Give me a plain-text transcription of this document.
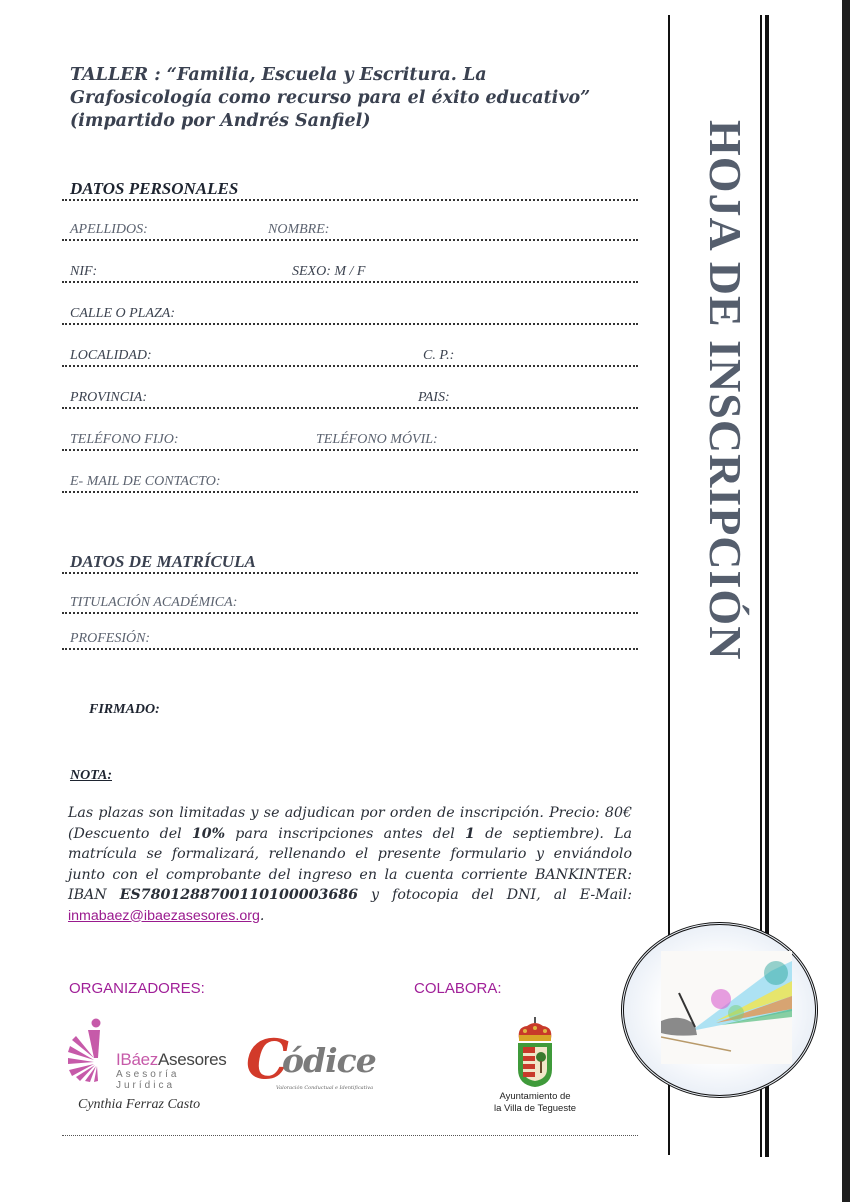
HOJA DE INSCRIPCIÓN
TALLER : “Familia, Escuela y Escritura. La
Grafosicología como recurso para el éxito educativo”
(impartido por Andrés Sanfiel)
DATOS PERSONALES
APELLIDOS:	NOMBRE:
NIF:	SEXO: M / F
CALLE O PLAZA:
LOCALIDAD:	C. P.:
PROVINCIA:	PAIS:
TELÉFONO FIJO:	TELÉFONO MÓVIL:
E- MAIL DE CONTACTO:
DATOS DE MATRÍCULA
TITULACIÓN ACADÉMICA:
PROFESIÓN:
FIRMADO:
NOTA:
Las plazas son limitadas y se adjudican por orden de inscripción. Precio: 80€ (Descuento del 10% para inscripciones antes del 1 de septiembre). La matrícula se formalizará, rellenando el presente formulario y enviándolo junto con el comprobante del ingreso en la cuenta corriente BANKINTER: IBAN ES7801288700110100003686 y fotocopia del DNI, al E-Mail: inmabaez@ibaezasesores.org.
ORGANIZADORES:	COLABORA:
IBáezAsesores
Asesoría Jurídica
Cynthia Ferraz Casto
C
ódice
Valoración Conductual e Identificativa
Ayuntamiento de
la Villa de Tegueste
